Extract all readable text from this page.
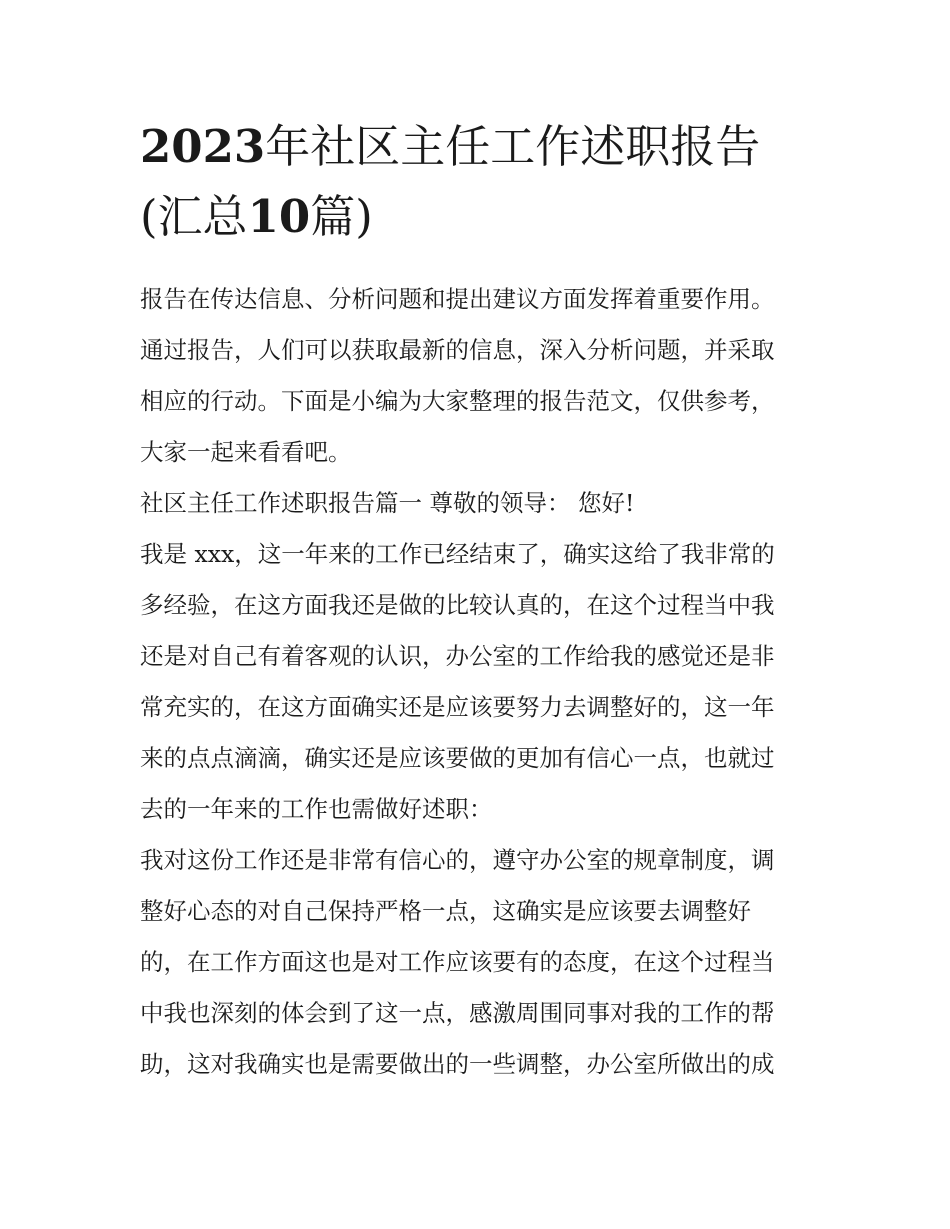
2023年社区主任工作述职报告
(汇总10篇)
报告在传达信息、分析问题和提出建议方面发挥着重要作用。
通过报告，人们可以获取最新的信息，深入分析问题，并采取
相应的行动。下面是小编为大家整理的报告范文，仅供参考，
大家一起来看看吧。
社区主任工作述职报告篇一 尊敬的领导： 您好!
我是 xxx，这一年来的工作已经结束了，确实这给了我非常的
多经验，在这方面我还是做的比较认真的，在这个过程当中我
还是对自己有着客观的认识，办公室的工作给我的感觉还是非
常充实的，在这方面确实还是应该要努力去调整好的，这一年
来的点点滴滴，确实还是应该要做的更加有信心一点，也就过
去的一年来的工作也需做好述职：
我对这份工作还是非常有信心的，遵守办公室的规章制度，调
整好心态的对自己保持严格一点，这确实是应该要去调整好
的，在工作方面这也是对工作应该要有的态度，在这个过程当
中我也深刻的体会到了这一点，感激周围同事对我的工作的帮
助，这对我确实也是需要做出的一些调整，办公室所做出的成
